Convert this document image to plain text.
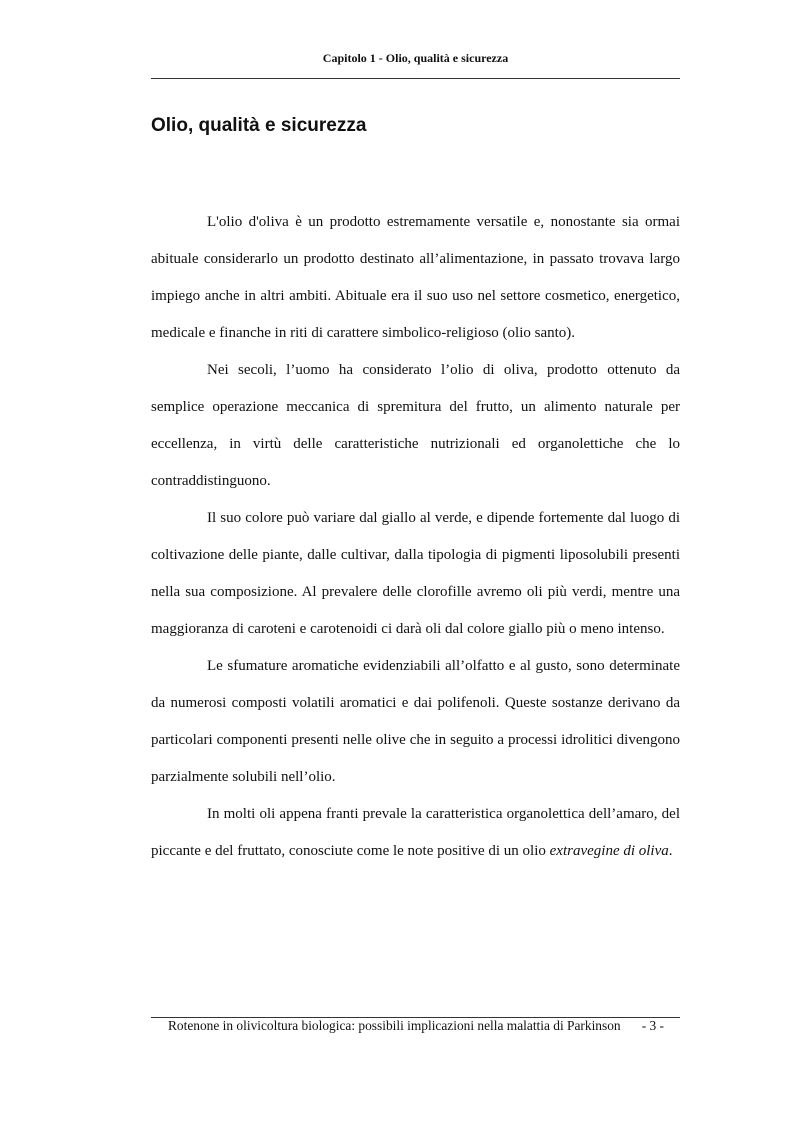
Capitolo 1 - Olio, qualità e sicurezza
Olio, qualità e sicurezza

L'olio d'oliva è un prodotto estremamente versatile e, nonostante sia ormai abituale considerarlo un prodotto destinato all’alimentazione, in passato trovava largo impiego anche in altri ambiti. Abituale era il suo uso nel settore cosmetico, energetico, medicale e finanche in riti di carattere simbolico-religioso (olio santo).

Nei secoli, l’uomo ha considerato l’olio di oliva, prodotto ottenuto da semplice operazione meccanica di spremitura del frutto, un alimento naturale per eccellenza, in virtù delle caratteristiche nutrizionali ed organolettiche che lo contraddistinguono.

Il suo colore può variare dal giallo al verde, e dipende fortemente dal luogo di coltivazione delle piante, dalle cultivar, dalla tipologia di pigmenti liposolubili presenti nella sua composizione. Al prevalere delle clorofille avremo oli più verdi, mentre una maggioranza di caroteni e carotenoidi ci darà oli dal colore giallo più o meno intenso.

Le sfumature aromatiche evidenziabili all’olfatto e al gusto, sono determinate da numerosi composti volatili aromatici e dai polifenoli. Queste sostanze derivano da particolari componenti presenti nelle olive che in seguito a processi idrolitici divengono parzialmente solubili nell’olio.

In molti oli appena franti prevale la caratteristica organolettica dell’amaro, del piccante e del fruttato, conosciute come le note positive di un olio extravegine di oliva.

Rotenone in olivicoltura biologica: possibili implicazioni nella malattia di Parkinson - 3 -
